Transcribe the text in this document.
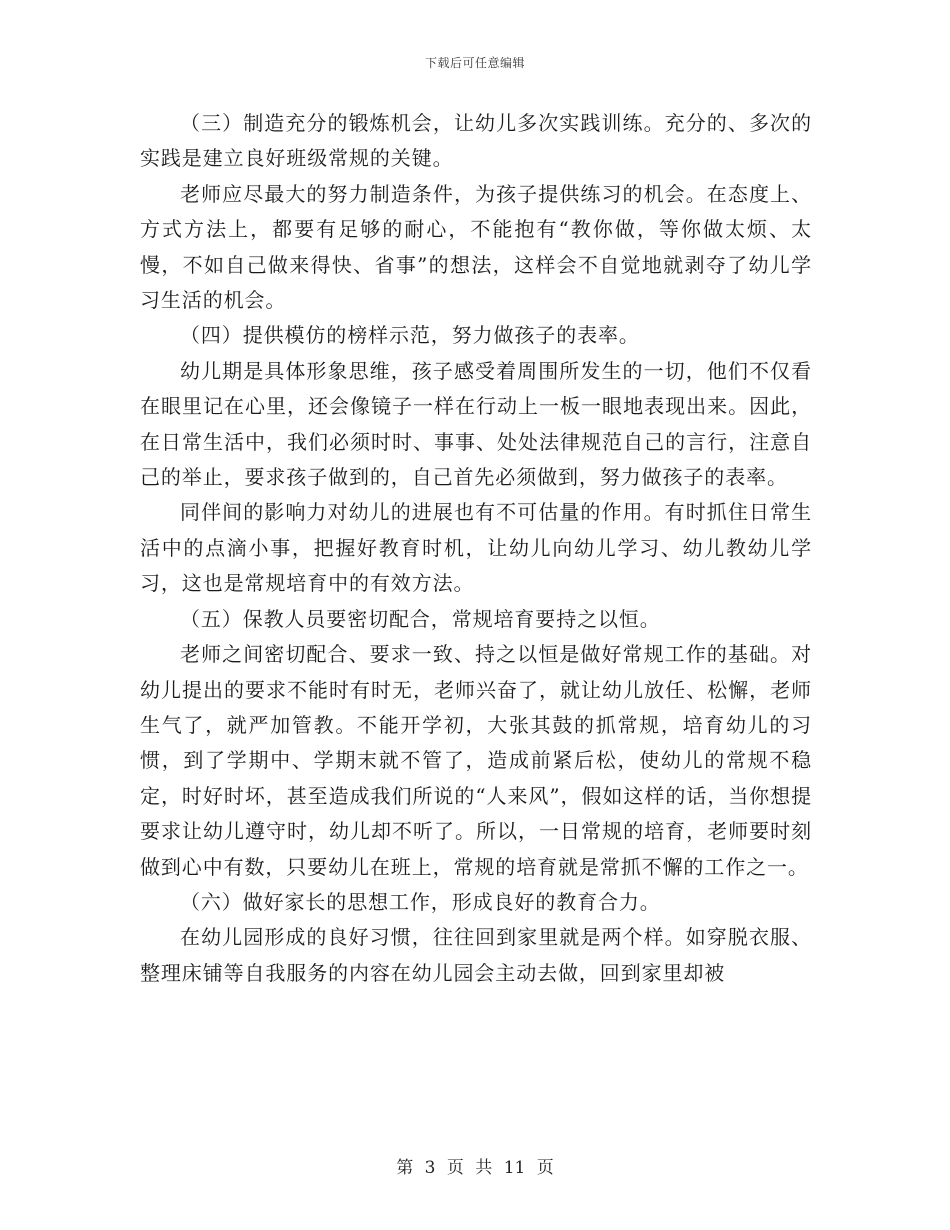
下载后可任意编辑

（三）制造充分的锻炼机会，让幼儿多次实践训练。充分的、多次的实践是建立良好班级常规的关键。

老师应尽最大的努力制造条件，为孩子提供练习的机会。在态度上、方式方法上，都要有足够的耐心，不能抱有“教你做，等你做太烦、太慢，不如自己做来得快、省事”的想法，这样会不自觉地就剥夺了幼儿学习生活的机会。

（四）提供模仿的榜样示范，努力做孩子的表率。

幼儿期是具体形象思维，孩子感受着周围所发生的一切，他们不仅看在眼里记在心里，还会像镜子一样在行动上一板一眼地表现出来。因此，在日常生活中，我们必须时时、事事、处处法律规范自己的言行，注意自己的举止，要求孩子做到的，自己首先必须做到，努力做孩子的表率。

同伴间的影响力对幼儿的进展也有不可估量的作用。有时抓住日常生活中的点滴小事，把握好教育时机，让幼儿向幼儿学习、幼儿教幼儿学习，这也是常规培育中的有效方法。

（五）保教人员要密切配合，常规培育要持之以恒。

老师之间密切配合、要求一致、持之以恒是做好常规工作的基础。对幼儿提出的要求不能时有时无，老师兴奋了，就让幼儿放任、松懈，老师生气了，就严加管教。不能开学初，大张其鼓的抓常规，培育幼儿的习惯，到了学期中、学期末就不管了，造成前紧后松，使幼儿的常规不稳定，时好时坏，甚至造成我们所说的“人来风”，假如这样的话，当你想提要求让幼儿遵守时，幼儿却不听了。所以，一日常规的培育，老师要时刻做到心中有数，只要幼儿在班上，常规的培育就是常抓不懈的工作之一。

（六）做好家长的思想工作，形成良好的教育合力。

在幼儿园形成的良好习惯，往往回到家里就是两个样。如穿脱衣服、整理床铺等自我服务的内容在幼儿园会主动去做，回到家里却被

第 3 页 共 11 页
